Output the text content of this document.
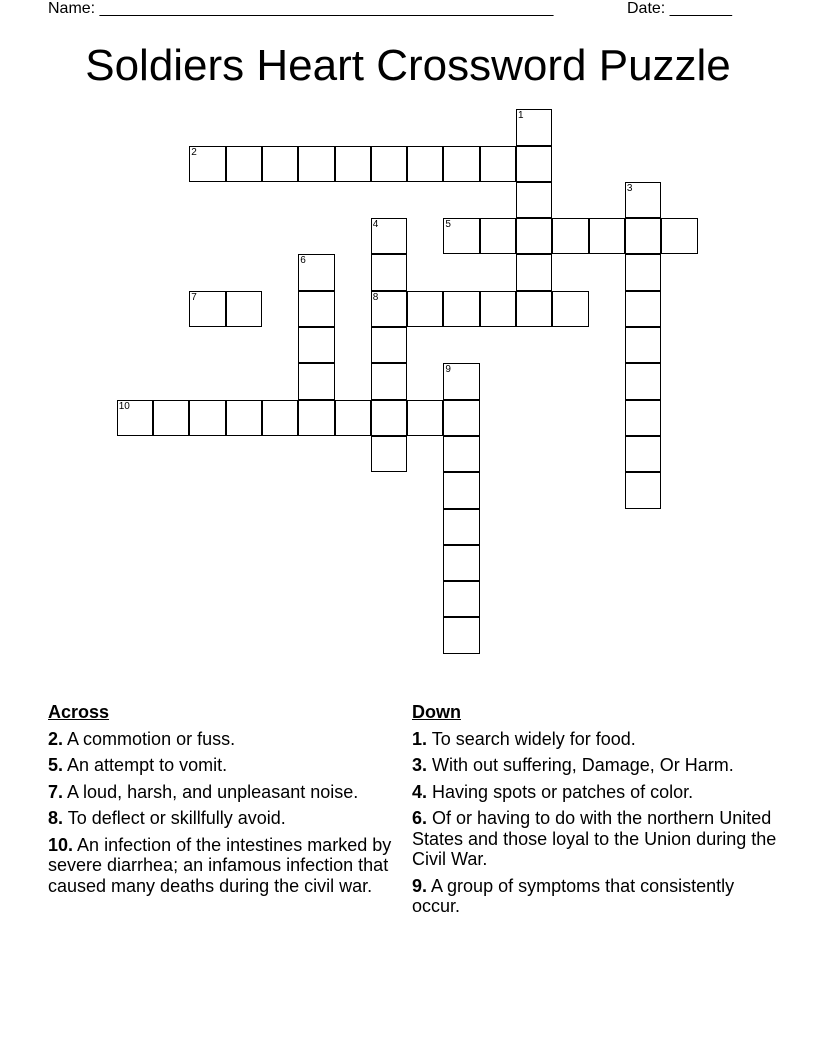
Name: ___________________________________________________	Date: _______
Soldiers Heart Crossword Puzzle
1
2
3
4	5
6
7	8
9
10
Across
2. A commotion or fuss.
5. An attempt to vomit.
7. A loud, harsh, and unpleasant noise.
8. To deflect or skillfully avoid.
10. An infection of the intestines marked by severe diarrhea; an infamous infection that caused many deaths during the civil war.
Down
1. To search widely for food.
3. With out suffering, Damage, Or Harm.
4. Having spots or patches of color.
6. Of or having to do with the northern United States and those loyal to the Union during the Civil War.
9. A group of symptoms that consistently occur.
